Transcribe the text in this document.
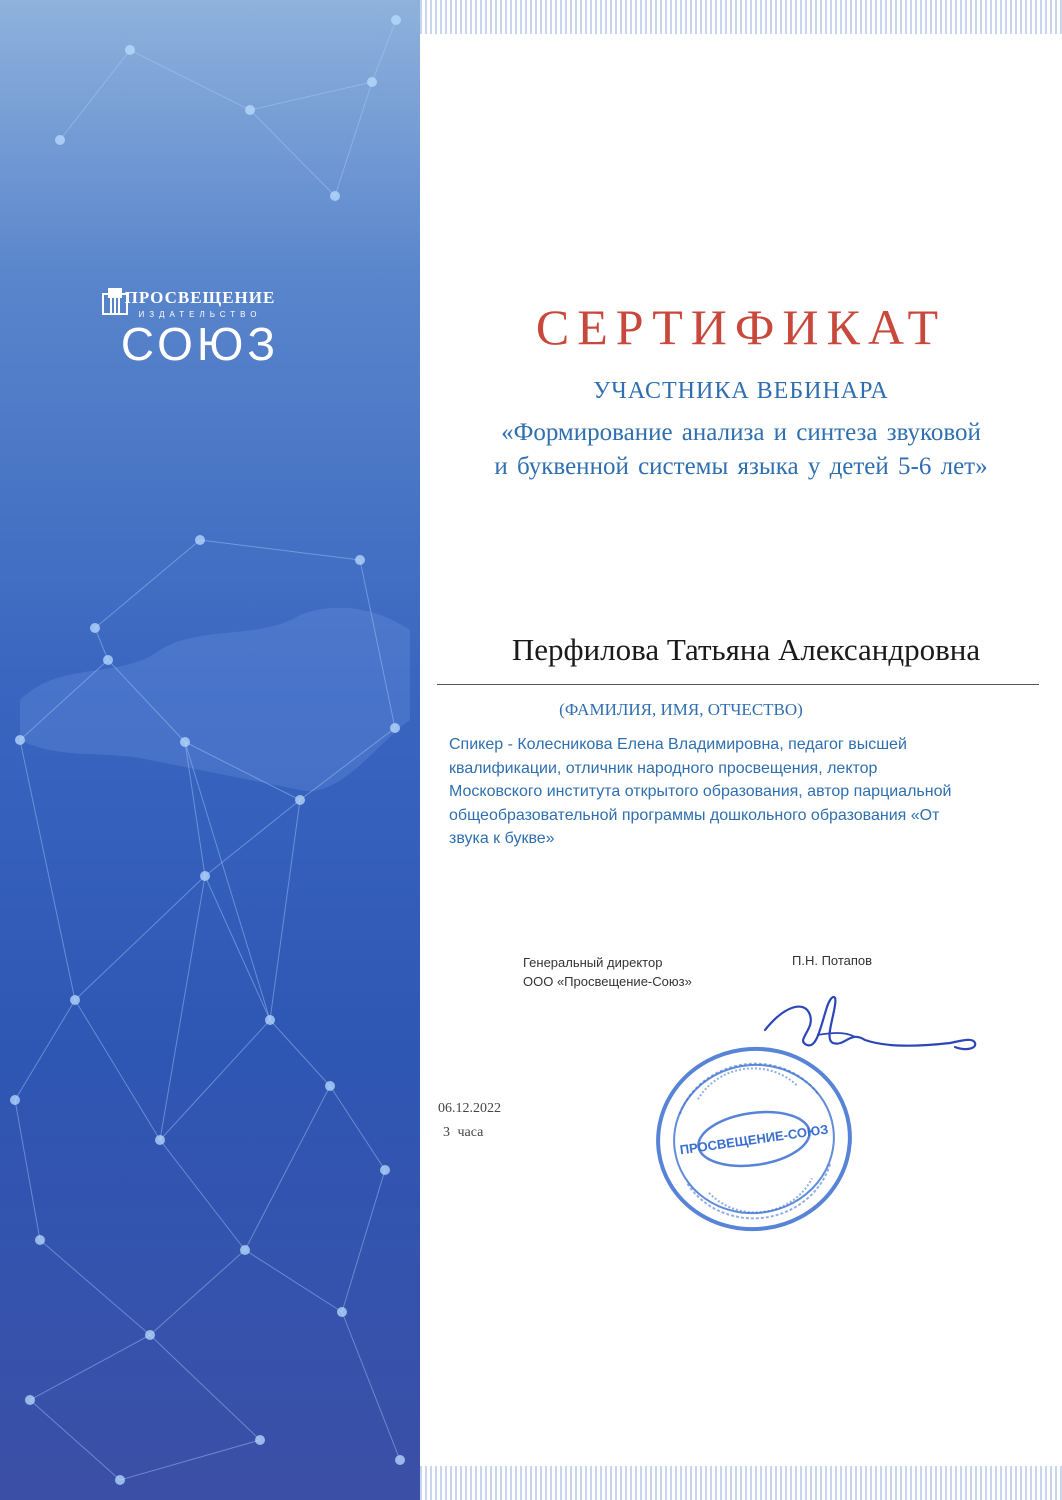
ПРОСВЕЩЕНИЕ
ИЗДАТЕЛЬСТВО
СОЮЗ	СЕРТИФИКАТ
УЧАСТНИКА ВЕБИНАРА
«Формирование анализа и синтеза звуковой
и буквенной системы языка у детей 5-6 лет»
Перфилова Татьяна Александровна
(ФАМИЛИЯ, ИМЯ, ОТЧЕСТВО)
Спикер - Колесникова Елена Владимировна, педагог высшей
квалификации, отличник народного просвещения, лектор
Московского института открытого образования, автор парциальной
общеобразовательной программы дошкольного образования «От
звука к букве»
Генеральный директор
ООО «Просвещение-Союз»
П.Н. Потапов
ПРОСВЕЩЕНИЕ-СОЮЗ
06.12.2022
3 часа
